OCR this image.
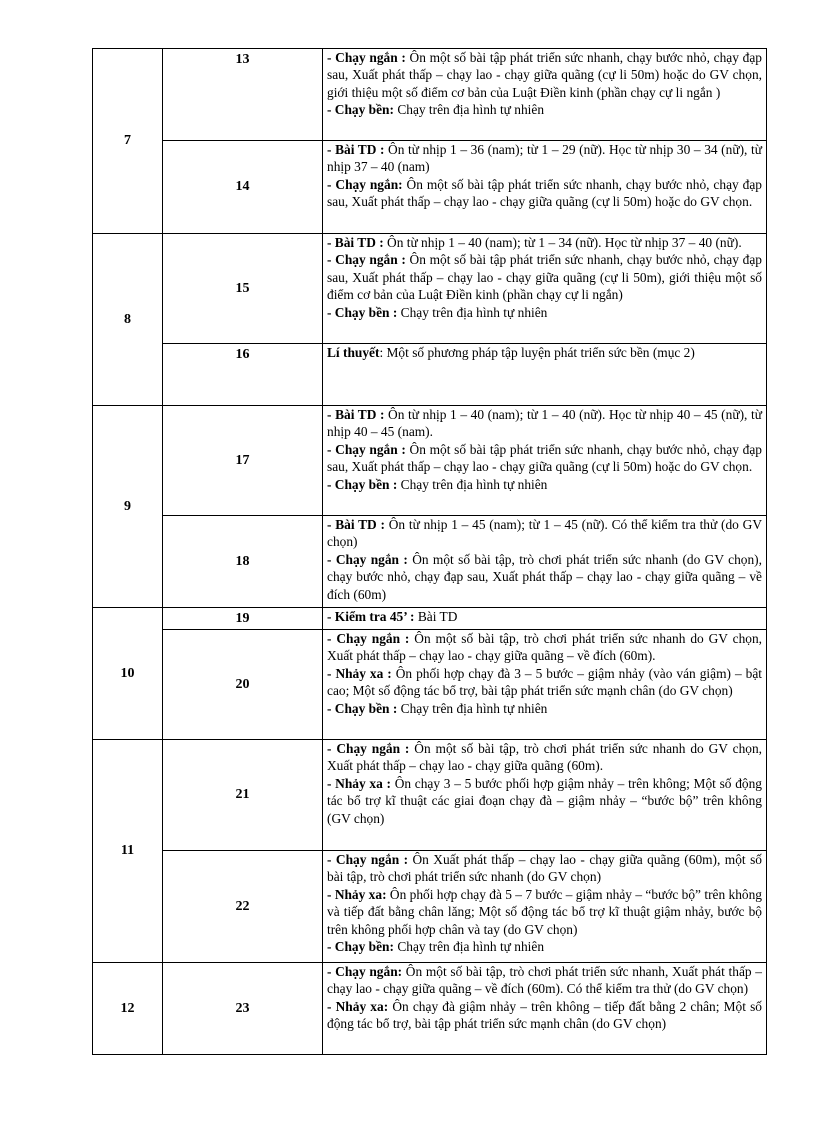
7	13	- Chạy ngắn : Ôn một số bài tập phát triển sức nhanh, chạy bước nhỏ, chạy đạp sau, Xuất phát thấp – chạy lao - chạy giữa quãng (cự li 50m) hoặc do GV chọn, giới thiệu một số điểm cơ bản của Luật Điền kinh (phần chạy cự li ngắn )
- Chạy bền: Chạy trên địa hình tự nhiên

	14	- Bài TD : Ôn từ nhịp 1 – 36 (nam); từ 1 – 29 (nữ). Học từ nhịp 30 – 34 (nữ), từ nhịp 37 – 40 (nam)
- Chạy ngắn: Ôn một số bài tập phát triển sức nhanh, chạy bước nhỏ, chạy đạp sau, Xuất phát thấp – chạy lao - chạy giữa quãng (cự li 50m) hoặc do GV chọn.

8	15	- Bài TD : Ôn từ nhịp 1 – 40 (nam); từ 1 – 34 (nữ). Học từ nhịp 37 – 40 (nữ).
- Chạy ngắn : Ôn một số bài tập phát triển sức nhanh, chạy bước nhỏ, chạy đạp sau, Xuất phát thấp – chạy lao - chạy giữa quãng (cự li 50m), giới thiệu một số điểm cơ bản của Luật Điền kinh (phần chạy cự li ngắn)
- Chạy bền : Chạy trên địa hình tự nhiên

	16	Lí thuyết: Một số phương pháp tập luyện phát triển sức bền (mục 2)

9	17	- Bài TD : Ôn từ nhịp 1 – 40 (nam); từ 1 – 40 (nữ). Học từ nhịp 40 – 45 (nữ), từ nhịp 40 – 45 (nam).
- Chạy ngắn : Ôn một số bài tập phát triển sức nhanh, chạy bước nhỏ, chạy đạp sau, Xuất phát thấp – chạy lao - chạy giữa quãng (cự li 50m) hoặc do GV chọn.
- Chạy bền : Chạy trên địa hình tự nhiên

	18	- Bài TD : Ôn từ nhịp 1 – 45 (nam); từ 1 – 45 (nữ). Có thể kiểm tra thử (do GV chọn)
- Chạy ngắn : Ôn một số bài tập, trò chơi phát triển sức nhanh (do GV chọn), chạy bước nhỏ, chạy đạp sau, Xuất phát thấp – chạy lao - chạy giữa quãng – về đích (60m)

10	19	- Kiểm tra 45’ : Bài TD

	20	- Chạy ngắn : Ôn một số bài tập, trò chơi phát triển sức nhanh do GV chọn, Xuất phát thấp – chạy lao - chạy giữa quãng – về đích (60m).
- Nhảy xa : Ôn phối hợp chạy đà 3 – 5 bước – giậm nhảy (vào ván giậm) – bật cao; Một số động tác bổ trợ, bài tập phát triển sức mạnh chân (do GV chọn)
- Chạy bền : Chạy trên địa hình tự nhiên

11	21	- Chạy ngắn : Ôn một số bài tập, trò chơi phát triển sức nhanh do GV chọn, Xuất phát thấp – chạy lao - chạy giữa quãng (60m).
- Nhảy xa : Ôn chạy 3 – 5 bước phối hợp giậm nhảy – trên không; Một số động tác bổ trợ kĩ thuật các giai đoạn chạy đà – giậm nhảy – “bước bộ” trên không (GV chọn)

	22	- Chạy ngắn : Ôn Xuất phát thấp – chạy lao - chạy giữa quãng (60m), một số bài tập, trò chơi phát triển sức nhanh (do GV chọn)
- Nhảy xa: Ôn phối hợp chạy đà 5 – 7 bước – giậm nhảy – “bước bộ” trên không và tiếp đất bằng chân lăng; Một số động tác bổ trợ kĩ thuật giậm nhảy, bước bộ trên không phối hợp chân và tay (do GV chọn)
- Chạy bền: Chạy trên địa hình tự nhiên

12	23	- Chạy ngắn: Ôn một số bài tập, trò chơi phát triển sức nhanh, Xuất phát thấp – chạy lao - chạy giữa quãng – về đích (60m). Có thể kiểm tra thử (do GV chọn)
- Nhảy xa: Ôn chạy đà giậm nhảy – trên không – tiếp đất bằng 2 chân; Một số động tác bổ trợ, bài tập phát triển sức mạnh chân (do GV chọn)
